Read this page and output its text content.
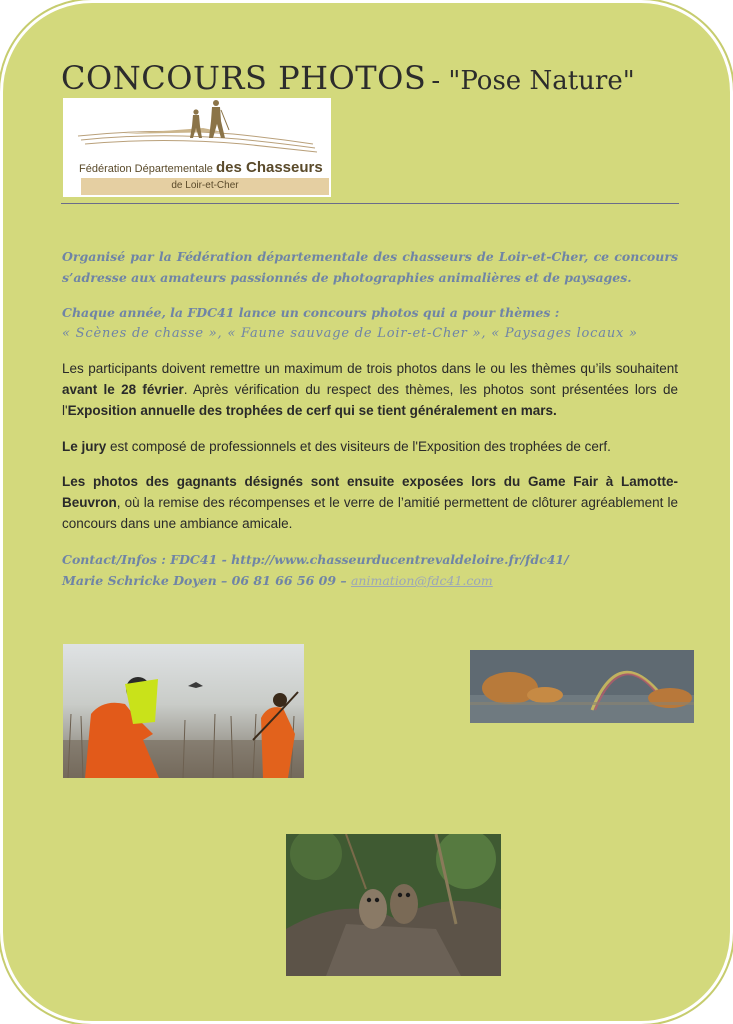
CONCOURS PHOTOS - "Pose Nature"
Fédération Départementale des Chasseurs
de Loir-et-Cher
Organisé par la Fédération départementale des chasseurs de Loir-et-Cher, ce concours s’adresse aux amateurs passionnés de photographies animalières et de paysages.
Chaque année, la FDC41 lance un concours photos qui a pour thèmes :
« Scènes de chasse », « Faune sauvage de Loir-et-Cher », « Paysages locaux »
Les participants doivent remettre un maximum de trois photos dans le ou les thèmes qu’ils souhaitent avant le 28 février. Après vérification du respect des thèmes, les photos sont présentées lors de l'Exposition annuelle des trophées de cerf qui se tient généralement en mars.
Le jury est composé de professionnels et des visiteurs de l'Exposition des trophées de cerf.
Les photos des gagnants désignés sont ensuite exposées lors du Game Fair à Lamotte-Beuvron, où la remise des récompenses et le verre de l’amitié permettent de clôturer agréablement le concours dans une ambiance amicale.
Contact/Infos : FDC41 - http://www.chasseurducentrevaldeloire.fr/fdc41/
Marie Schricke Doyen – 06 81 66 56 09 – animation@fdc41.com
